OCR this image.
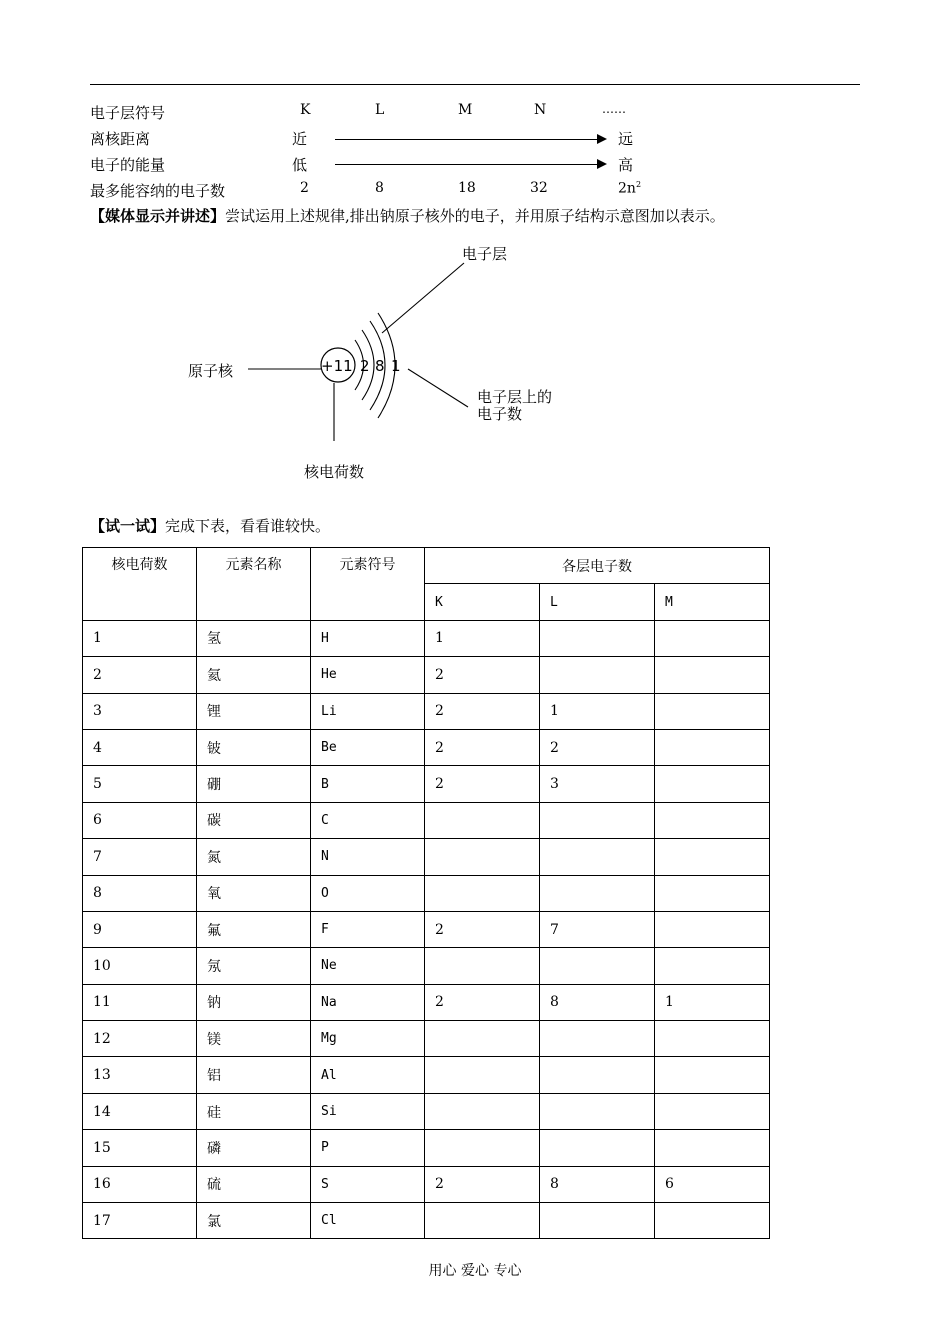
电子层符号	K	L	M	N	……
离核距离	近	远
电子的能量	低	高
最多能容纳的电子数	2	8	18	32	$2n^2$
【媒体显示并讲述】尝试运用上述规律,排出钠原子核外的电子，并用原子结构示意图加以表示。
+11 2 8 1
电子层
原子核
电子层上的
电子数
核电荷数
【试一试】完成下表，看看谁较快。
核电荷数	元素名称	元素符号	各层电子数		
			K	L	M
1	氢	H	1		
2	氦	He	2		
3	锂	Li	2	1	
4	铍	Be	2	2	
5	硼	B	2	3	
6	碳	C			
7	氮	N			
8	氧	O			
9	氟	F	2	7	
10	氖	Ne			
11	钠	Na	2	8	1
12	镁	Mg			
13	铝	Al			
14	硅	Si			
15	磷	P			
16	硫	S	2	8	6
17	氯	Cl			
用心 爱心 专心
